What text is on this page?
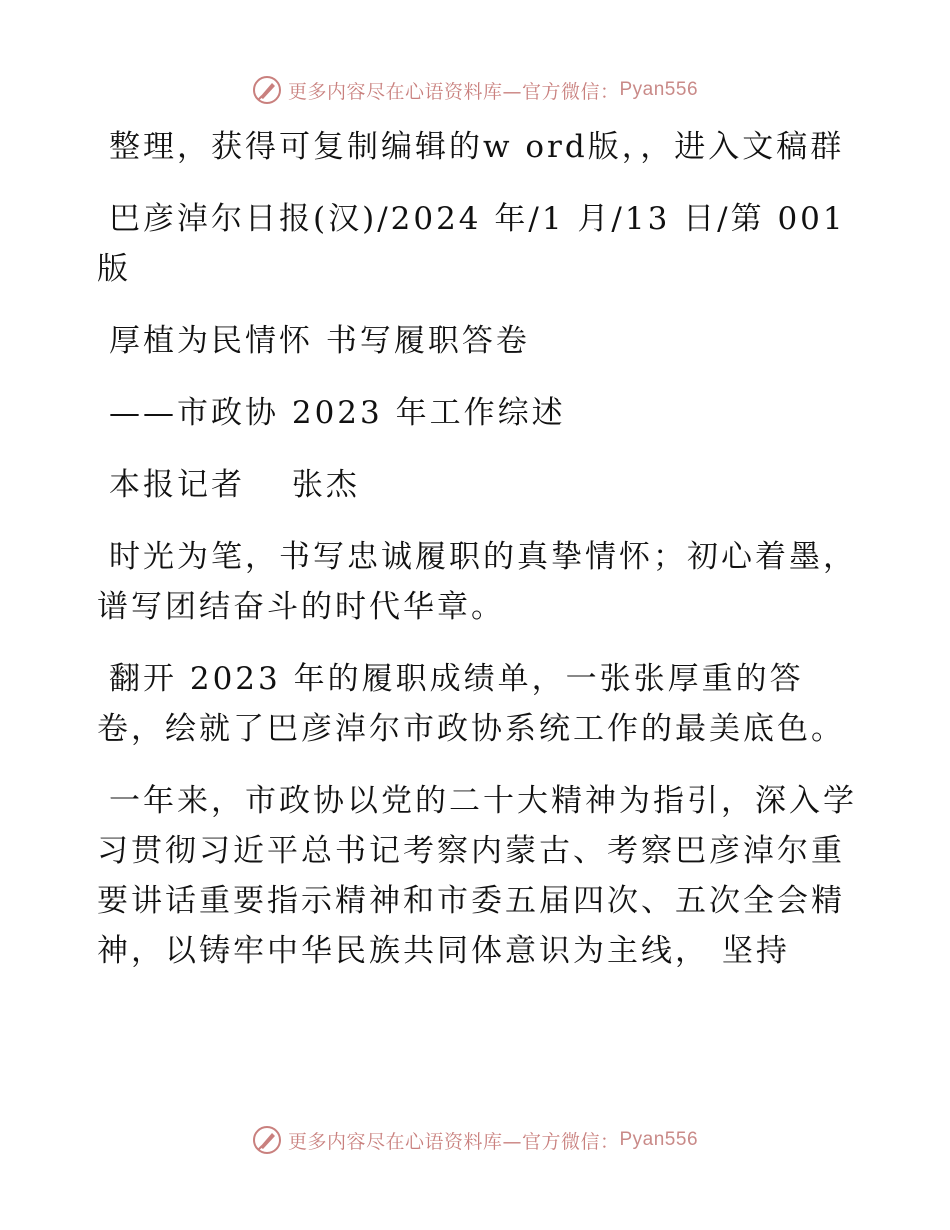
更多内容尽在心语资料库—官方微信： Pyan556

整理，获得可复制编辑的w ord版，，进入文稿群

巴彦淖尔日报(汉)/2024 年/1 月/13 日/第 001 版

厚植为民情怀 书写履职答卷

——市政协 2023 年工作综述

本报记者 　张杰

时光为笔，书写忠诚履职的真挚情怀；初心着墨，谱写团结奋斗的时代华章。

翻开 2023 年的履职成绩单，一张张厚重的答卷，绘就了巴彦淖尔市政协系统工作的最美底色。

一年来，市政协以党的二十大精神为指引，深入学习贯彻习近平总书记考察内蒙古、考察巴彦淖尔重要讲话重要指示精神和市委五届四次、五次全会精神，以铸牢中华民族共同体意识为主线， 坚持

更多内容尽在心语资料库—官方微信： Pyan556
